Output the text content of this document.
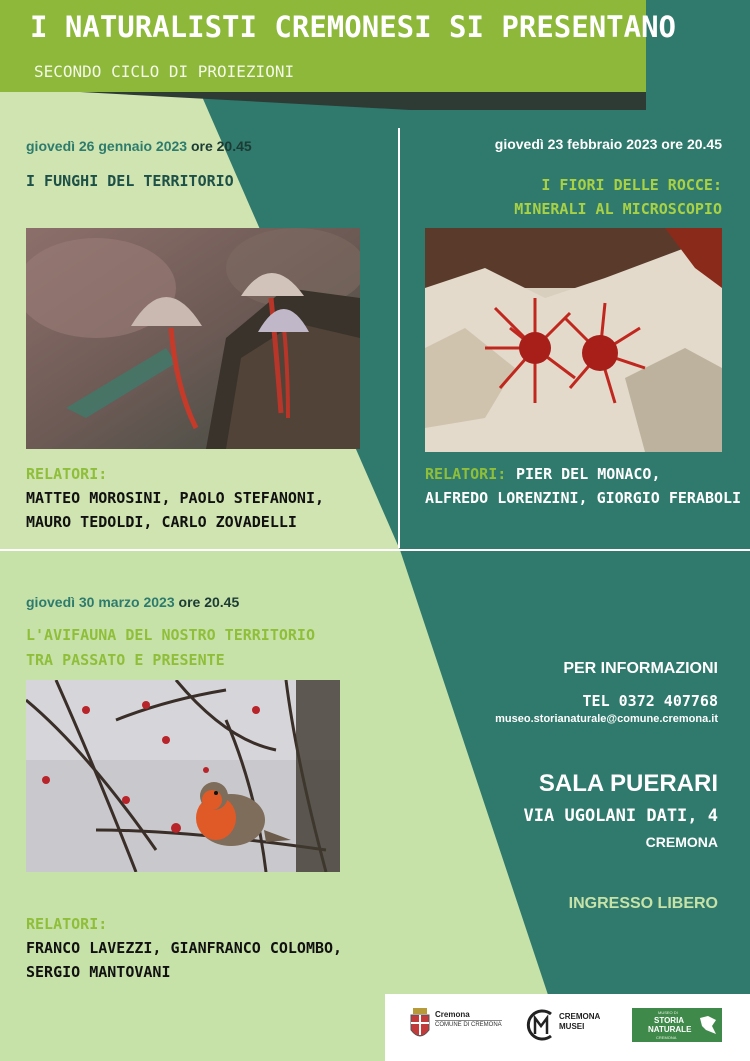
I NATURALISTI CREMONESI SI PRESENTANO
SECONDO CICLO DI PROIEZIONI
giovedì 26 gennaio 2023 ore 20.45
I FUNGHI DEL TERRITORIO
RELATORI:
MATTEO MOROSINI, PAOLO STEFANONI,
MAURO TEDOLDI, CARLO ZOVADELLI
giovedì 23 febbraio 2023 ore 20.45
I FIORI DELLE ROCCE:
MINERALI AL MICROSCOPIO
RELATORI: PIER DEL MONACO,
ALFREDO LORENZINI, GIORGIO FERABOLI
giovedì 30 marzo 2023 ore 20.45
L'AVIFAUNA DEL NOSTRO TERRITORIO
TRA PASSATO E PRESENTE
RELATORI:
FRANCO LAVEZZI, GIANFRANCO COLOMBO,
SERGIO MANTOVANI
PER INFORMAZIONI
TEL 0372 407768
museo.storianaturale@comune.cremona.it
SALA PUERARI
VIA UGOLANI DATI, 4
CREMONA
INGRESSO LIBERO
Cremona
COMUNE DI CREMONA
CREMONA
MUSEI
MUSEO DI
STORIA
NATURALE
CREMONA
